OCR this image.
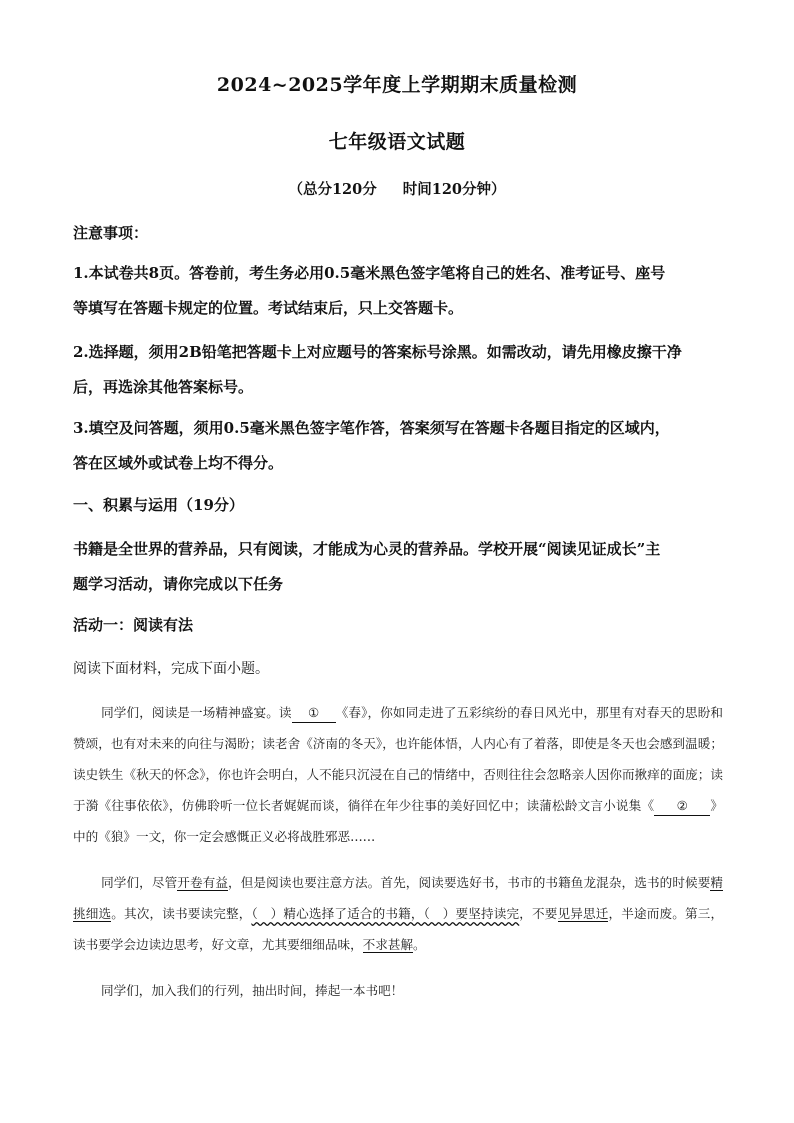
2024~2025学年度上学期期末质量检测
七年级语文试题
（总分120分 时间120分钟）
注意事项：
1.本试卷共8页。答卷前，考生务必用0.5毫米黑色签字笔将自己的姓名、准考证号、座号
等填写在答题卡规定的位置。考试结束后，只上交答题卡。
2.选择题，须用2B铅笔把答题卡上对应题号的答案标号涂黑。如需改动，请先用橡皮擦干净
后，再选涂其他答案标号。
3.填空及问答题，须用0.5毫米黑色签字笔作答，答案须写在答题卡各题目指定的区域内，
答在区域外或试卷上均不得分。
一、积累与运用（19分）
书籍是全世界的营养品，只有阅读，才能成为心灵的营养品。学校开展“阅读见证成长”主
题学习活动，请你完成以下任务
活动一：阅读有法
阅读下面材料，完成下面小题。
同学们，阅读是一场精神盛宴。读 ① 《春》，你如同走进了五彩缤纷的春日风光中，那里有对春天的思盼和赞颂，也有对未来的向往与渴盼；读老舍《济南的冬天》，也许能体悟，人内心有了着落，即使是冬天也会感到温暖；读史铁生《秋天的怀念》，你也许会明白，人不能只沉浸在自己的情绪中，否则往往会忽略亲人因你而揪痒的面庞；读于漪《往事依依》，仿佛聆听一位长者娓娓而谈，徜徉在年少往事的美好回忆中；读蒲松龄文言小说集《 ② 》中的《狼》一文，你一定会感慨正义必将战胜邪恶……
同学们，尽管开卷有益，但是阅读也要注意方法。首先，阅读要选好书，书市的书籍鱼龙混杂，选书的时候要精挑细选。其次，读书要读完整，（　）精心选择了适合的书籍，（　）要坚持读完，不要见异思迁，半途而废。第三，读书要学会边读边思考，好文章，尤其要细细品味，不求甚解。
同学们，加入我们的行列，抽出时间，捧起一本书吧！
